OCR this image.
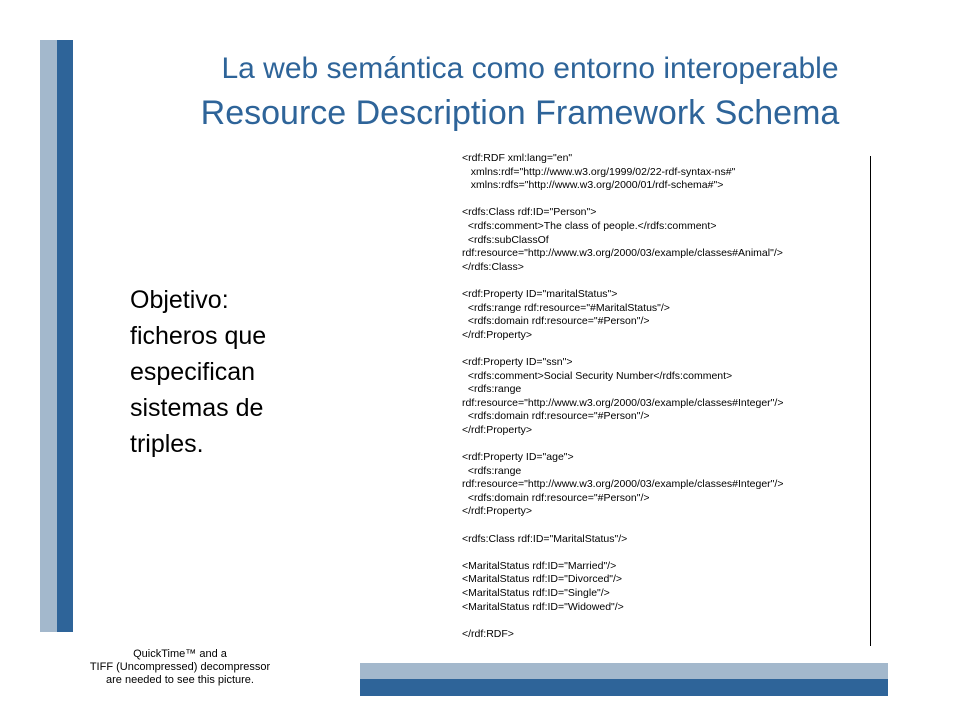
La web semántica como entorno interoperable
Resource Description Framework Schema
Objetivo:
ficheros que
especifican
sistemas de
triples.
<rdf:RDF xml:lang="en"
xmlns:rdf="http://www.w3.org/1999/02/22-rdf-syntax-ns#"
xmlns:rdfs="http://www.w3.org/2000/01/rdf-schema#">
<rdfs:Class rdf:ID="Person">
<rdfs:comment>The class of people.</rdfs:comment>
<rdfs:subClassOf
rdf:resource="http://www.w3.org/2000/03/example/classes#Animal"/>
</rdfs:Class>
<rdf:Property ID="maritalStatus">
<rdfs:range rdf:resource="#MaritalStatus"/>
<rdfs:domain rdf:resource="#Person"/>
</rdf:Property>
<rdf:Property ID="ssn">
<rdfs:comment>Social Security Number</rdfs:comment>
<rdfs:range
rdf:resource="http://www.w3.org/2000/03/example/classes#Integer"/>
<rdfs:domain rdf:resource="#Person"/>
</rdf:Property>
<rdf:Property ID="age">
<rdfs:range
rdf:resource="http://www.w3.org/2000/03/example/classes#Integer"/>
<rdfs:domain rdf:resource="#Person"/>
</rdf:Property>
<rdfs:Class rdf:ID="MaritalStatus"/>
<MaritalStatus rdf:ID="Married"/>
<MaritalStatus rdf:ID="Divorced"/>
<MaritalStatus rdf:ID="Single"/>
<MaritalStatus rdf:ID="Widowed"/>
</rdf:RDF>
QuickTime™ and a
TIFF (Uncompressed) decompressor
are needed to see this picture.
